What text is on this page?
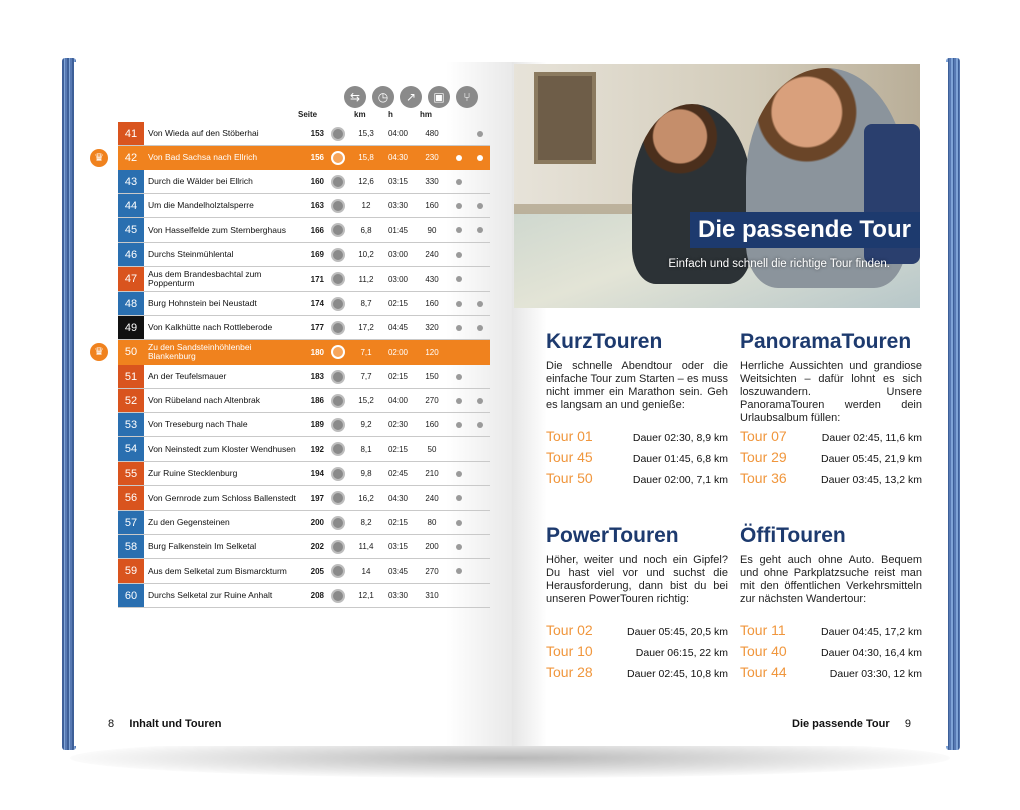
⇆	◷	↗	▣	⑂
Seite	km	h	hm
41	Von Wieda auf den Stöberhai	153	15,3	04:00	480
42	Von Bad Sachsa nach Ellrich	156	15,8	04:30	230
♛
43	Durch die Wälder bei Ellrich	160	12,6	03:15	330
44	Um die Mandelholztalsperre	163	12	03:30	160
45	Von Hasselfelde zum Sternberghaus	166	6,8	01:45	90
46	Durchs Steinmühlental	169	10,2	03:00	240
47	Aus dem Brandesbachtal zum Poppenturm	171	11,2	03:00	430
48	Burg Hohnstein bei Neustadt	174	8,7	02:15	160
49	Von Kalkhütte nach Rottleberode	177	17,2	04:45	320
50	Zu den Sandsteinhöhlenbei Blankenburg	180	7,1	02:00	120
♛
51	An der Teufelsmauer	183	7,7	02:15	150
52	Von Rübeland nach Altenbrak	186	15,2	04:00	270
53	Von Treseburg nach Thale	189	9,2	02:30	160
54	Von Neinstedt zum Kloster Wendhusen	192	8,1	02:15	50
55	Zur Ruine Stecklenburg	194	9,8	02:45	210
56	Von Gernrode zum Schloss Ballenstedt	197	16,2	04:30	240
57	Zu den Gegensteinen	200	8,2	02:15	80
58	Burg Falkenstein Im Selketal	202	11,4	03:15	200
59	Aus dem Selketal zum Bismarckturm	205	14	03:45	270
60	Durchs Selketal zur Ruine Anhalt	208	12,1	03:30	310
8 Inhalt und Touren
Die passende Tour
Einfach und schnell die richtige Tour finden.
KurzTouren
Die schnelle Abendtour oder die einfache Tour zum Starten – es muss nicht immer ein Marathon sein. Geh es langsam an und genieße:
Tour 01	Dauer 02:30, 8,9 km
Tour 45	Dauer 01:45, 6,8 km
Tour 50	Dauer 02:00, 7,1 km
PanoramaTouren
Herrliche Aussichten und grandiose Weitsichten – dafür lohnt es sich loszuwandern. Unsere PanoramaTouren werden dein Urlaubsalbum füllen:
Tour 07	Dauer 02:45, 11,6 km
Tour 29	Dauer 05:45, 21,9 km
Tour 36	Dauer 03:45, 13,2 km
PowerTouren
Höher, weiter und noch ein Gipfel? Du hast viel vor und suchst die Herausforderung, dann bist du bei unseren PowerTouren richtig:
Tour 02	Dauer 05:45, 20,5 km
Tour 10	Dauer 06:15, 22 km
Tour 28	Dauer 02:45, 10,8 km
ÖffiTouren
Es geht auch ohne Auto. Bequem und ohne Parkplatzsuche reist man mit den öffentlichen Verkehrsmitteln zur nächsten Wandertour:
Tour 11	Dauer 04:45, 17,2 km
Tour 40	Dauer 04:30, 16,4 km
Tour 44	Dauer 03:30, 12 km
Die passende Tour 9
